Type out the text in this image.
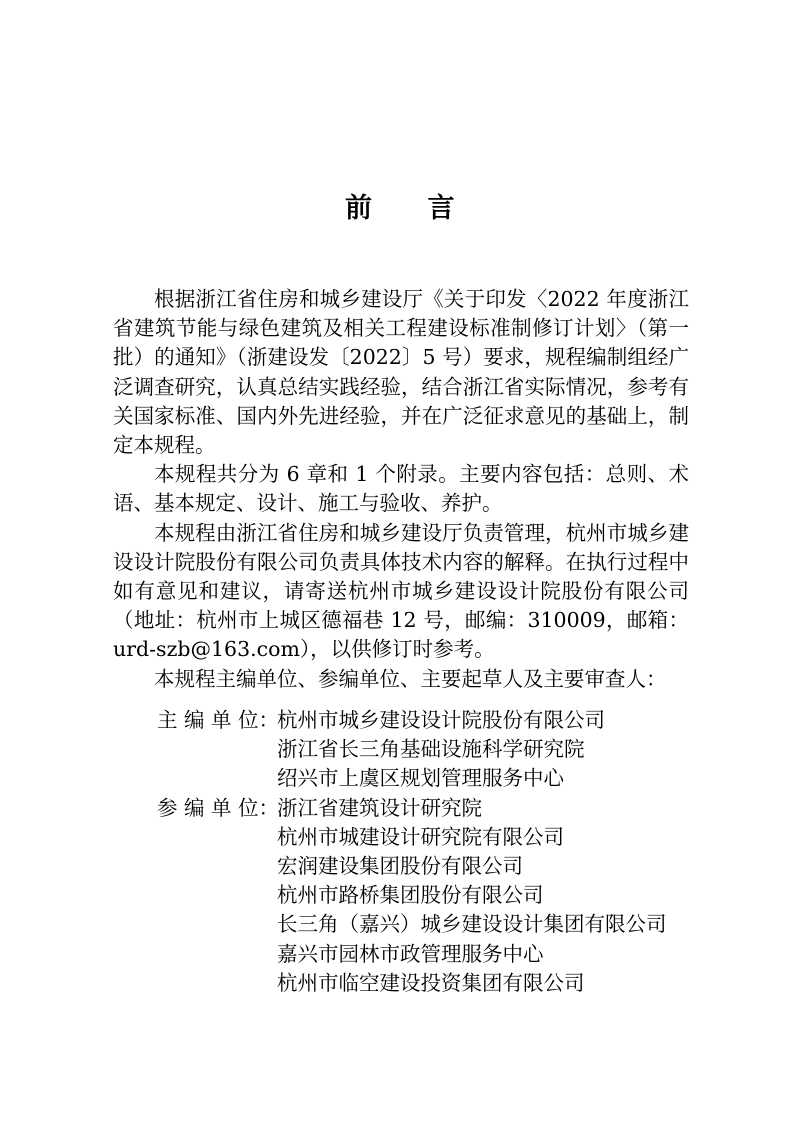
前　　言

根据浙江省住房和城乡建设厅《关于印发〈2022 年度浙江省建筑节能与绿色建筑及相关工程建设标准制修订计划〉（第一批）的通知》（浙建设发〔2022〕5 号）要求，规程编制组经广泛调查研究，认真总结实践经验，结合浙江省实际情况，参考有关国家标准、国内外先进经验，并在广泛征求意见的基础上，制定本规程。

本规程共分为 6 章和 1 个附录。主要内容包括：总则、术语、基本规定、设计、施工与验收、养护。

本规程由浙江省住房和城乡建设厅负责管理，杭州市城乡建设设计院股份有限公司负责具体技术内容的解释。在执行过程中如有意见和建议，请寄送杭州市城乡建设设计院股份有限公司（地址：杭州市上城区德福巷 12 号，邮编：310009，邮箱：urd-szb@163.com），以供修订时参考。

本规程主编单位、参编单位、主要起草人及主要审查人：

主 编 单 位：
杭州市城乡建设设计院股份有限公司
浙江省长三角基础设施科学研究院
绍兴市上虞区规划管理服务中心
参 编 单 位：
浙江省建筑设计研究院
杭州市城建设计研究院有限公司
宏润建设集团股份有限公司
杭州市路桥集团股份有限公司
长三角（嘉兴）城乡建设设计集团有限公司
嘉兴市园林市政管理服务中心
杭州市临空建设投资集团有限公司
